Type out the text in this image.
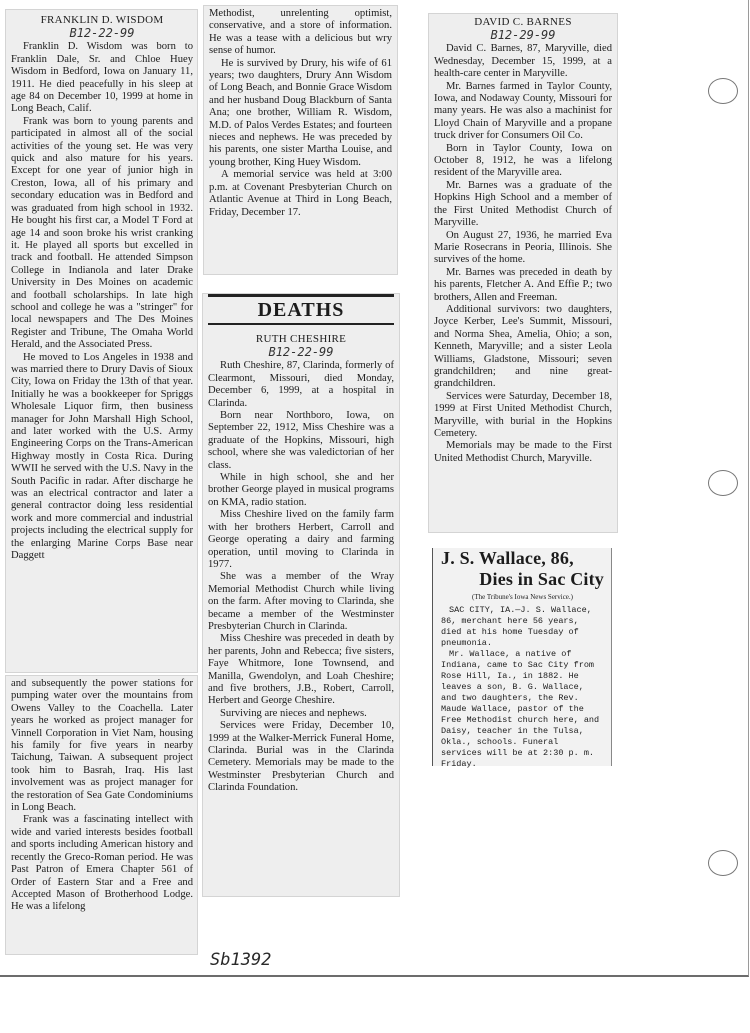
FRANKLIN D. WISDOM
B12-22-99

Franklin D. Wisdom was born to Franklin Dale, Sr. and Chloe Huey Wisdom in Bedford, Iowa on January 11, 1911. He died peacefully in his sleep at age 84 on December 10, 1999 at home in Long Beach, Calif.

Frank was born to young parents and participated in almost all of the social activities of the young set. He was very quick and also mature for his years. Except for one year of junior high in Creston, Iowa, all of his primary and secondary education was in Bedford and was graduated from high school in 1932. He bought his first car, a Model T Ford at age 14 and soon broke his wrist cranking it. He played all sports but excelled in track and football. He attended Simpson College in Indianola and later Drake University in Des Moines on academic and football scholarships. In late high school and college he was a "stringer" for local newspapers and The Des Moines Register and Tribune, The Omaha World Herald, and the Associated Press.

He moved to Los Angeles in 1938 and was married there to Drury Davis of Sioux City, Iowa on Friday the 13th of that year. Initially he was a bookkeeper for Spriggs Wholesale Liquor firm, then business manager for John Marshall High School, and later worked with the U.S. Army Engineering Corps on the Trans-American Highway mostly in Costa Rica. During WWII he served with the U.S. Navy in the South Pacific in radar. After discharge he was an electrical contractor and later a general contractor doing less residential work and more commercial and industrial projects including the electrical supply for the enlarging Marine Corps Base near Daggett

and subsequently the power stations for pumping water over the mountains from Owens Valley to the Coachella. Later years he worked as project manager for Vinnell Corporation in Viet Nam, housing his family for five years in nearby Taichung, Taiwan. A subsequent project took him to Basrah, Iraq. His last involvement was as project manager for the restoration of Sea Gate Condominiums in Long Beach.

Frank was a fascinating intellect with wide and varied interests besides football and sports including American history and recently the Greco-Roman period. He was Past Patron of Emera Chapter 561 of Order of Eastern Star and a Free and Accepted Mason of Brotherhood Lodge. He was a lifelong

Methodist, unrelenting optimist, conservative, and a store of information. He was a tease with a delicious but wry sense of humor.

He is survived by Drury, his wife of 61 years; two daughters, Drury Ann Wisdom of Long Beach, and Bonnie Grace Wisdom and her husband Doug Blackburn of Santa Ana; one brother, William R. Wisdom, M.D. of Palos Verdes Estates; and fourteen nieces and nephews. He was preceded by his parents, one sister Martha Louise, and young brother, King Huey Wisdom.

A memorial service was held at 3:00 p.m. at Covenant Presbyterian Church on Atlantic Avenue at Third in Long Beach, Friday, December 17.

DEATHS
RUTH CHESHIRE
B12-22-99

Ruth Cheshire, 87, Clarinda, formerly of Clearmont, Missouri, died Monday, December 6, 1999, at a hospital in Clarinda.

Born near Northboro, Iowa, on September 22, 1912, Miss Cheshire was a graduate of the Hopkins, Missouri, high school, where she was valedictorian of her class.

While in high school, she and her brother George played in musical programs on KMA, radio station.

Miss Cheshire lived on the family farm with her brothers Herbert, Carroll and George operating a dairy and farming operation, until moving to Clarinda in 1977.

She was a member of the Wray Memorial Methodist Church while living on the farm. After moving to Clarinda, she became a member of the Westminster Presbyterian Church in Clarinda.

Miss Cheshire was preceded in death by her parents, John and Rebecca; five sisters, Faye Whitmore, Ione Townsend, and Manilla, Gwendolyn, and Loah Cheshire; and five brothers, J.B., Robert, Carroll, Herbert and George Cheshire.

Surviving are nieces and nephews.

Services were Friday, December 10, 1999 at the Walker-Merrick Funeral Home, Clarinda. Burial was in the Clarinda Cemetery. Memorials may be made to the Westminster Presbyterian Church and Clarinda Foundation.

DAVID C. BARNES
B12-29-99

David C. Barnes, 87, Maryville, died Wednesday, December 15, 1999, at a health-care center in Maryville.

Mr. Barnes farmed in Taylor County, Iowa, and Nodaway County, Missouri for many years. He was also a machinist for Lloyd Chain of Maryville and a propane truck driver for Consumers Oil Co.

Born in Taylor County, Iowa on October 8, 1912, he was a lifelong resident of the Maryville area.

Mr. Barnes was a graduate of the Hopkins High School and a member of the First United Methodist Church of Maryville.

On August 27, 1936, he married Eva Marie Rosecrans in Peoria, Illinois. She survives of the home.

Mr. Barnes was preceded in death by his parents, Fletcher A. And Effie P.; two brothers, Allen and Freeman.

Additional survivors: two daughters, Joyce Kerber, Lee's Summit, Missouri, and Norma Shea, Amelia, Ohio; a son, Kenneth, Maryville; and a sister Leola Williams, Gladstone, Missouri; seven grandchildren; and nine great-grandchildren.

Services were Saturday, December 18, 1999 at First United Methodist Church, Maryville, with burial in the Hopkins Cemetery.

Memorials may be made to the First United Methodist Church, Maryville.

J. S. Wallace, 86,
Dies in Sac City
(The Tribune's Iowa News Service.)

SAC CITY, IA.—J. S. Wallace, 86, merchant here 56 years, died at his home Tuesday of pneumonia.

Mr. Wallace, a native of Indiana, came to Sac City from Rose Hill, Ia., in 1882. He leaves a son, B. G. Wallace, and two daughters, the Rev. Maude Wallace, pastor of the Free Methodist church here, and Daisy, teacher in the Tulsa, Okla., schools. Funeral services will be at 2:30 p. m. Friday.

Sb1392
